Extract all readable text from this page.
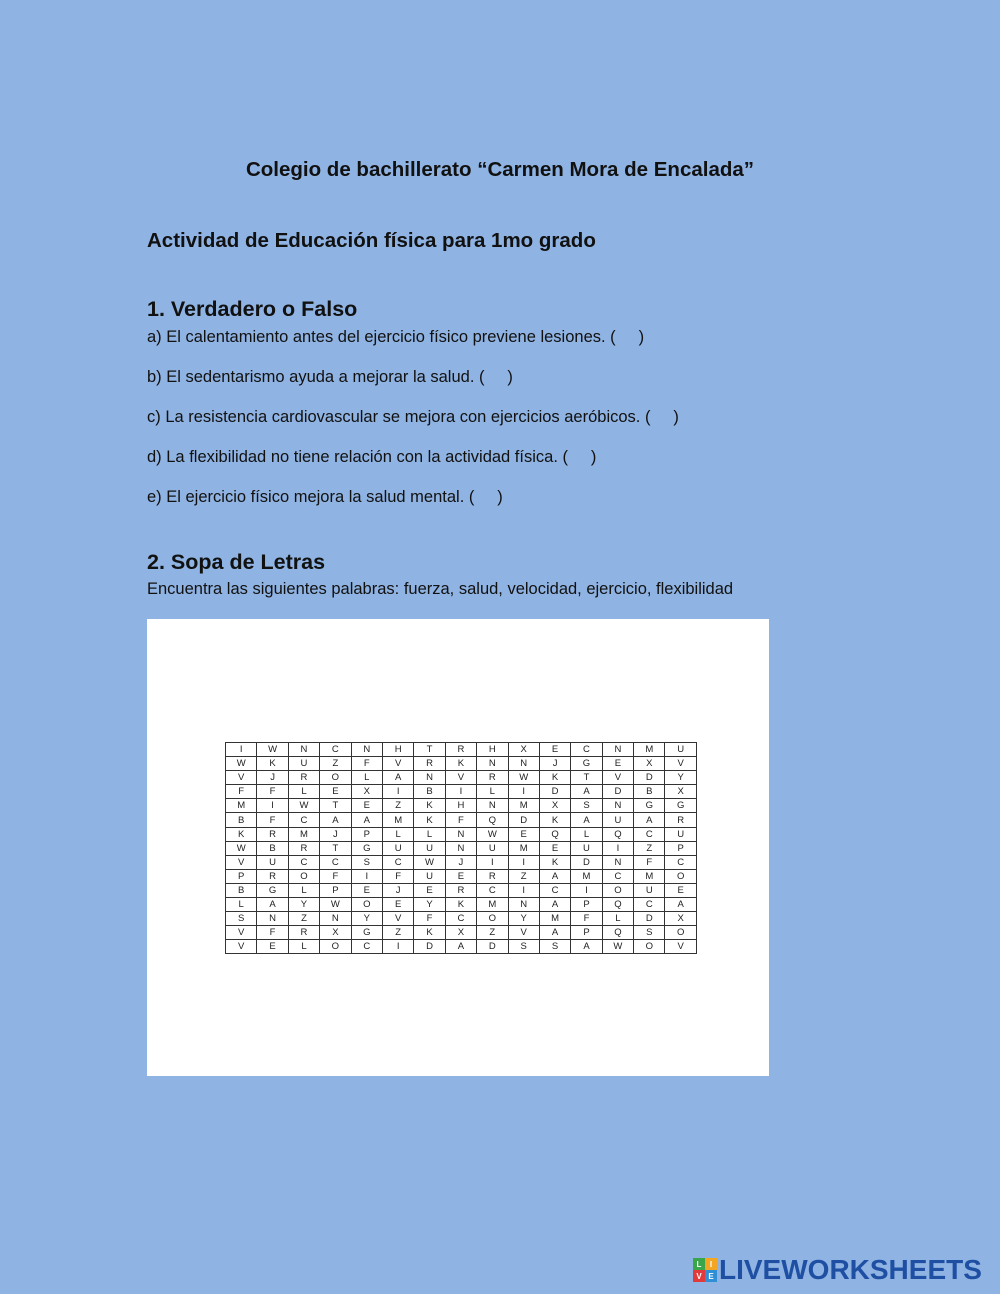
Colegio de bachillerato “Carmen Mora de Encalada”
Actividad de Educación física para 1mo grado
1. Verdadero o Falso
a) El calentamiento antes del ejercicio físico previene lesiones. (     )
b) El sedentarismo ayuda a mejorar la salud. (     )
c) La resistencia cardiovascular se mejora con ejercicios aeróbicos. (     )
d) La flexibilidad no tiene relación con la actividad física. (     )
e) El ejercicio físico mejora la salud mental. (     )
2. Sopa de Letras
Encuentra las siguientes palabras: fuerza, salud, velocidad, ejercicio, flexibilidad
I	W	N	C	N	H	T	R	H	X	E	C	N	M	U
W	K	U	Z	F	V	R	K	N	N	J	G	E	X	V
V	J	R	O	L	A	N	V	R	W	K	T	V	D	Y
F	F	L	E	X	I	B	I	L	I	D	A	D	B	X
M	I	W	T	E	Z	K	H	N	M	X	S	N	G	G
B	F	C	A	A	M	K	F	Q	D	K	A	U	A	R
K	R	M	J	P	L	L	N	W	E	Q	L	Q	C	U
W	B	R	T	G	U	U	N	U	M	E	U	I	Z	P
V	U	C	C	S	C	W	J	I	I	K	D	N	F	C
P	R	O	F	I	F	U	E	R	Z	A	M	C	M	O
B	G	L	P	E	J	E	R	C	I	C	I	O	U	E
L	A	Y	W	O	E	Y	K	M	N	A	P	Q	C	A
S	N	Z	N	Y	V	F	C	O	Y	M	F	L	D	X
V	F	R	X	G	Z	K	X	Z	V	A	P	Q	S	O
V	E	L	O	C	I	D	A	D	S	S	A	W	O	V
L	I
V E LIVEWORKSHEETS
